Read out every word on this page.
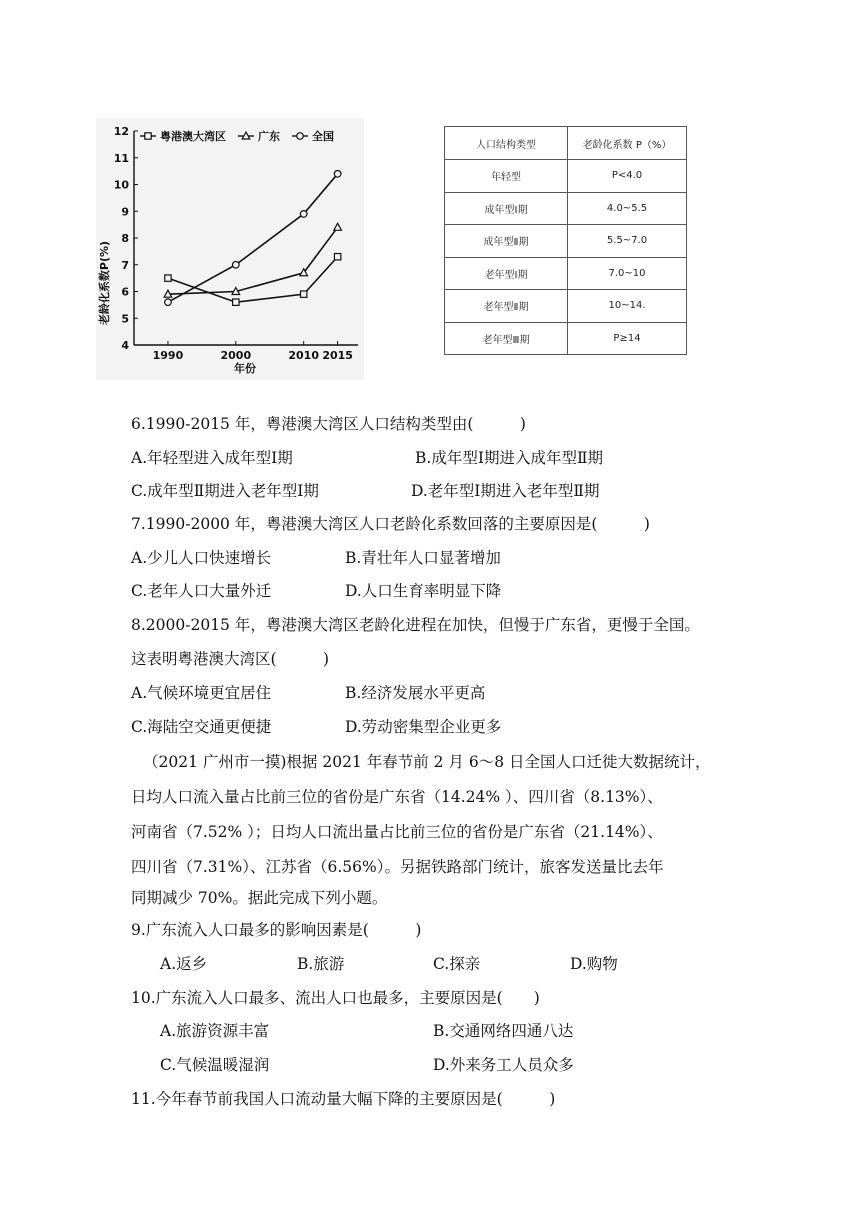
4
5
6
7
8
9
10
11
12
1990	2000	2010 2015
粤港澳大湾区	广东	全国
老龄化系数P(%)
年份
人口结构类型	老龄化系数 P（%）
年轻型	P<4.0
成年型Ⅰ期	4.0~5.5
成年型Ⅱ期	5.5~7.0
老年型Ⅰ期	7.0~10
老年型Ⅱ期	10~14.
老年型Ⅲ期	P≥14
6.1990-2015 年，粤港澳大湾区人口结构类型由(　　　)
A.年轻型进入成年型Ⅰ期	B.成年型Ⅰ期进入成年型Ⅱ期
C.成年型Ⅱ期进入老年型Ⅰ期	D.老年型Ⅰ期进入老年型Ⅱ期
7.1990-2000 年，粤港澳大湾区人口老龄化系数回落的主要原因是(　　　)
A.少儿人口快速增长	B.青壮年人口显著增加
C.老年人口大量外迁	D.人口生育率明显下降
8.2000-2015 年，粤港澳大湾区老龄化进程在加快，但慢于广东省，更慢于全国。
这表明粤港澳大湾区(　　　)
A.气候环境更宜居住	B.经济发展水平更高
C.海陆空交通更便捷	D.劳动密集型企业更多
（2021 广州市一摸)根据 2021 年春节前 2 月 6～8 日全国人口迁徙大数据统计，
日均人口流入量占比前三位的省份是广东省（14.24% ）、四川省（8.13%）、
河南省（7.52% ）；日均人口流出量占比前三位的省份是广东省（21.14%）、
四川省（7.31%）、江苏省（6.56%）。另据铁路部门统计，旅客发送量比去年
同期减少 70%。据此完成下列小题。
9.广东流入人口最多的影响因素是(　　　)
A.返乡	B.旅游	C.探亲	D.购物
10.广东流入人口最多、流出人口也最多，主要原因是(　　)
A.旅游资源丰富	B.交通网络四通八达
C.气候温暖湿润	D.外来务工人员众多
11.今年春节前我国人口流动量大幅下降的主要原因是(　　　)
